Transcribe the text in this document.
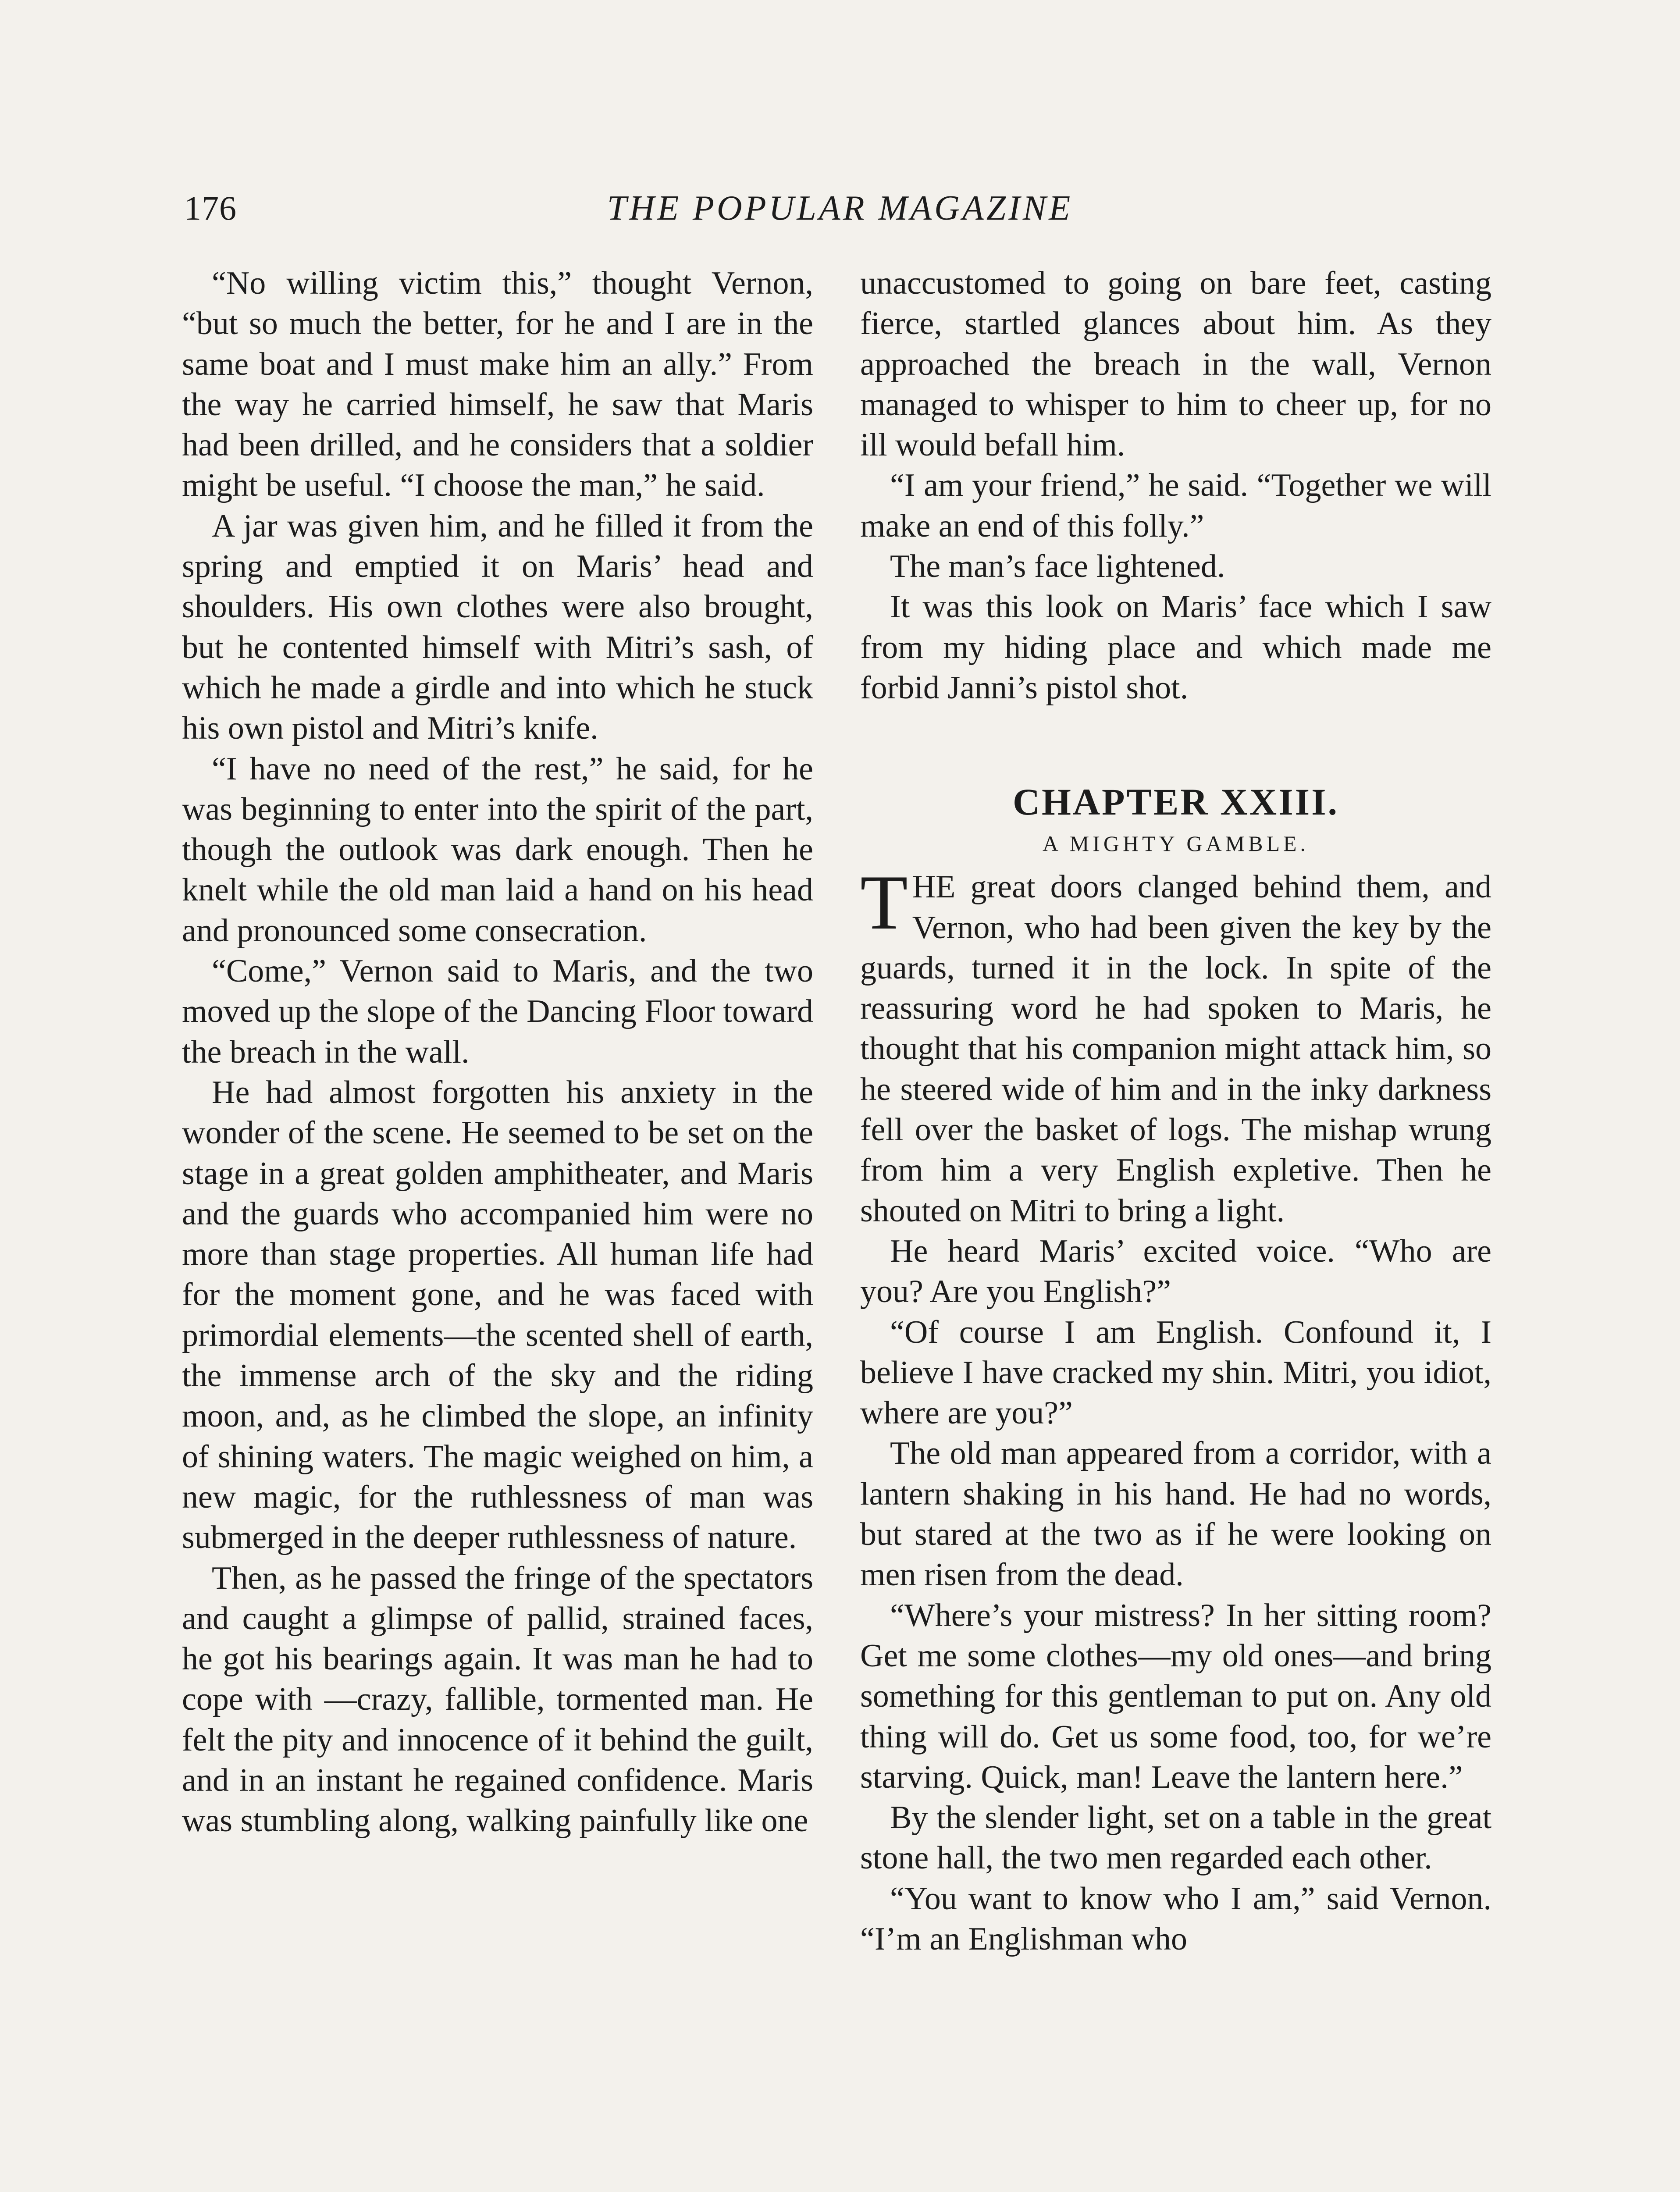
176	THE POPULAR MAGAZINE

“No willing victim this,” thought Vernon, “but so much the better, for he and I are in the same boat and I must make him an ally.” From the way he carried himself, he saw that Maris had been drilled, and he considers that a soldier might be useful. “I choose the man,” he said.

A jar was given him, and he filled it from the spring and emptied it on Maris’ head and shoulders. His own clothes were also brought, but he contented himself with Mitri’s sash, of which he made a girdle and into which he stuck his own pistol and Mitri’s knife.

“I have no need of the rest,” he said, for he was beginning to enter into the spirit of the part, though the outlook was dark enough. Then he knelt while the old man laid a hand on his head and pronounced some consecration.

“Come,” Vernon said to Maris, and the two moved up the slope of the Dancing Floor toward the breach in the wall.

He had almost forgotten his anxiety in the wonder of the scene. He seemed to be set on the stage in a great golden amphitheater, and Maris and the guards who accompanied him were no more than stage properties. All human life had for the moment gone, and he was faced with primordial elements—the scented shell of earth, the immense arch of the sky and the riding moon, and, as he climbed the slope, an infinity of shining waters. The magic weighed on him, a new magic, for the ruthlessness of man was submerged in the deeper ruthlessness of nature.

Then, as he passed the fringe of the spectators and caught a glimpse of pallid, strained faces, he got his bearings again. It was man he had to cope with —crazy, fallible, tormented man. He felt the pity and innocence of it behind the guilt, and in an instant he regained confidence. Maris was stumbling along, walking painfully like one

unaccustomed to going on bare feet, casting fierce, startled glances about him. As they approached the breach in the wall, Vernon managed to whisper to him to cheer up, for no ill would befall him.

“I am your friend,” he said. “Together we will make an end of this folly.”

The man’s face lightened.

It was this look on Maris’ face which I saw from my hiding place and which made me forbid Janni’s pistol shot.

CHAPTER XXIII.
A MIGHTY GAMBLE.

THE great doors clanged behind them, and Vernon, who had been given the key by the guards, turned it in the lock. In spite of the reassuring word he had spoken to Maris, he thought that his companion might attack him, so he steered wide of him and in the inky darkness fell over the basket of logs. The mishap wrung from him a very English expletive. Then he shouted on Mitri to bring a light.

He heard Maris’ excited voice. “Who are you? Are you English?”

“Of course I am English. Confound it, I believe I have cracked my shin. Mitri, you idiot, where are you?”

The old man appeared from a corridor, with a lantern shaking in his hand. He had no words, but stared at the two as if he were looking on men risen from the dead.

“Where’s your mistress? In her sitting room? Get me some clothes—my old ones—and bring something for this gentleman to put on. Any old thing will do. Get us some food, too, for we’re starving. Quick, man! Leave the lantern here.”

By the slender light, set on a table in the great stone hall, the two men regarded each other.

“You want to know who I am,” said Vernon. “I’m an Englishman who
